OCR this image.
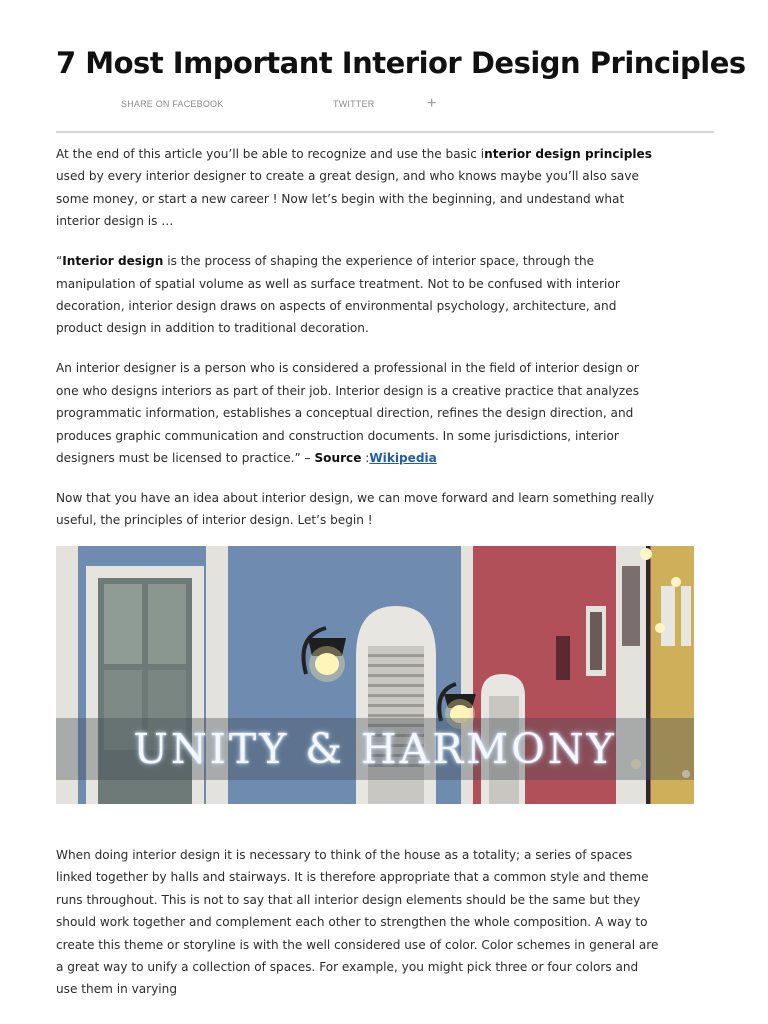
7 Most Important Interior Design Principles
SHARE ON FACEBOOK	TWITTER	+

At the end of this article you’ll be able to recognize and use the basic interior design principles used by every interior designer to create a great design, and who knows maybe you’ll also save some money, or start a new career ! Now let’s begin with the beginning, and undestand what interior design is …

“Interior design is the process of shaping the experience of interior space, through the manipulation of spatial volume as well as surface treatment. Not to be confused with interior decoration, interior design draws on aspects of environmental psychology, architecture, and product design in addition to traditional decoration.

An interior designer is a person who is considered a professional in the field of interior design or one who designs interiors as part of their job. Interior design is a creative practice that analyzes programmatic information, establishes a conceptual direction, refines the design direction, and produces graphic communication and construction documents. In some jurisdictions, interior designers must be licensed to practice.” – Source :Wikipedia

Now that you have an idea about interior design, we can move forward and learn something really useful, the principles of interior design. Let’s begin !

UNITY & HARMONY

When doing interior design it is necessary to think of the house as a totality; a series of spaces linked together by halls and stairways. It is therefore appropriate that a common style and theme runs throughout. This is not to say that all interior design elements should be the same but they should work together and complement each other to strengthen the whole composition. A way to create this theme or storyline is with the well considered use of color. Color schemes in general are a great way to unify a collection of spaces. For example, you might pick three or four colors and use them in varying
